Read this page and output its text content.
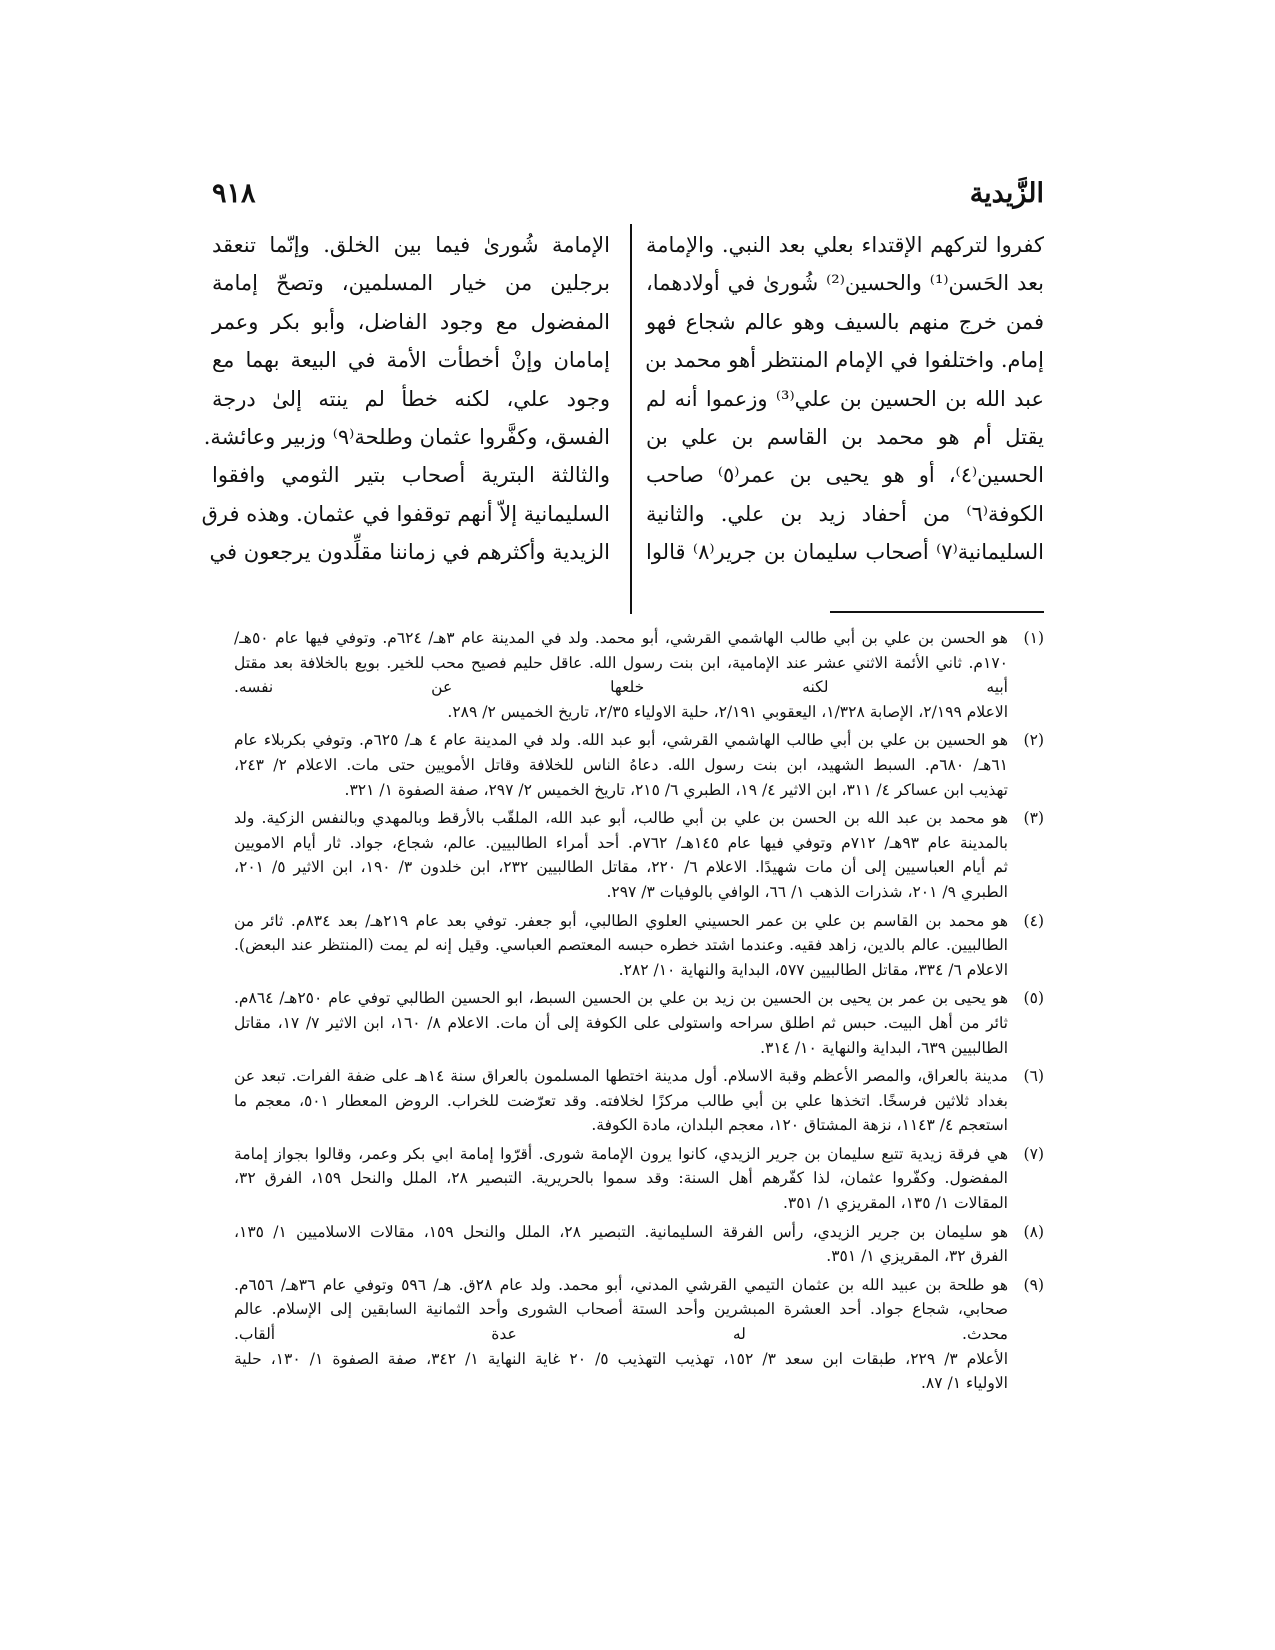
الزَّيدية
٩١٨

كفروا لتركهم الإقتداء بعلي بعد النبي. والإمامة

بعد الحَسن⁽¹⁾ والحسين⁽²⁾ شُورىٰ في أولادهما،

فمن خرج منهم بالسيف وهو عالم شجاع فهو

إمام. واختلفوا في الإمام المنتظر أهو محمد بن

عبد الله بن الحسين بن علي⁽³⁾ وزعموا أنه لم

يقتل أم هو محمد بن القاسم بن علي بن

الحسين⁽٤⁾، أو هو يحيى بن عمر⁽٥⁾ صاحب

الكوفة⁽٦⁾ من أحفاد زيد بن علي. والثانية

السليمانية⁽٧⁾ أصحاب سليمان بن جرير⁽٨⁾ قالوا

الإمامة شُورىٰ فيما بين الخلق. وإنّما تنعقد

برجلين من خيار المسلمين، وتصحّ إمامة

المفضول مع وجود الفاضل، وأبو بكر وعمر

إمامان وإنْ أخطأت الأمة في البيعة بهما مع

وجود علي، لكنه خطأ لم ينته إلىٰ درجة

الفسق، وكفَّروا عثمان وطلحة⁽٩⁾ وزبير وعائشة.

والثالثة البترية أصحاب بتير الثومي وافقوا

السليمانية إلاّ أنهم توقفوا في عثمان. وهذه فرق

الزيدية وأكثرهم في زماننا مقلِّدون يرجعون في

(١)

هو الحسن بن علي بن أبي طالب الهاشمي القرشي، أبو محمد. ولد في المدينة عام ٣هـ/ ٦٢٤م. وتوفي فيها عام ٥٠هـ/

١٧٠م. ثاني الأئمة الاثني عشر عند الإمامية، ابن بنت رسول الله. عاقل حليم فصيح محب للخير. بويع بالخلافة بعد مقتل

أبيه لكنه خلعها عن نفسه.

الاعلام ٢/١٩٩، الإصابة ١/٣٢٨، اليعقوبي ٢/١٩١، حلية الاولياء ٢/٣٥، تاريخ الخميس ٢/ ٢٨٩.

(٢)

هو الحسين بن علي بن أبي طالب الهاشمي القرشي، أبو عبد الله. ولد في المدينة عام ٤ هـ/ ٦٢٥م. وتوفي بكربلاء عام

٦١هـ/ ٦٨٠م. السبط الشهيد، ابن بنت رسول الله. دعاهُ الناس للخلافة وقاتل الأمويين حتى مات. الاعلام ٢/ ٢٤٣،

تهذيب ابن عساكر ٤/ ٣١١، ابن الاثير ٤/ ١٩، الطبري ٦/ ٢١٥، تاريخ الخميس ٢/ ٢٩٧، صفة الصفوة ١/ ٣٢١.

(٣)

هو محمد بن عبد الله بن الحسن بن علي بن أبي طالب، أبو عبد الله، الملقّب بالأرقط وبالمهدي وبالنفس الزكية. ولد

بالمدينة عام ٩٣هـ/ ٧١٢م وتوفي فيها عام ١٤٥هـ/ ٧٦٢م. أحد أمراء الطالبيين. عالم، شجاع، جواد. ثار أيام الامويين

ثم أيام العباسيين إلى أن مات شهيدًا. الاعلام ٦/ ٢٢٠، مقاتل الطالبيين ٢٣٢، ابن خلدون ٣/ ١٩٠، ابن الاثير ٥/ ٢٠١،

الطبري ٩/ ٢٠١، شذرات الذهب ١/ ٦٦، الوافي بالوفيات ٣/ ٢٩٧.

(٤)

هو محمد بن القاسم بن علي بن عمر الحسيني العلوي الطالبي، أبو جعفر. توفي بعد عام ٢١٩هـ/ بعد ٨٣٤م. ثائر من

الطالبيين. عالم بالدين، زاهد فقيه. وعندما اشتد خطره حبسه المعتصم العباسي. وقيل إنه لم يمت (المنتظر عند البعض).

الاعلام ٦/ ٣٣٤، مقاتل الطالبيين ٥٧٧، البداية والنهاية ١٠/ ٢٨٢.

(٥)

هو يحيى بن عمر بن يحيى بن الحسين بن زيد بن علي بن الحسين السبط، ابو الحسين الطالبي توفي عام ٢٥٠هـ/ ٨٦٤م.

ثائر من أهل البيت. حبس ثم اطلق سراحه واستولى على الكوفة إلى أن مات. الاعلام ٨/ ١٦٠، ابن الاثير ٧/ ١٧، مقاتل

الطالبيين ٦٣٩، البداية والنهاية ١٠/ ٣١٤.

(٦)

مدينة بالعراق، والمصر الأعظم وقبة الاسلام. أول مدينة اختطها المسلمون بالعراق سنة ١٤هـ على ضفة الفرات. تبعد عن

بغداد ثلاثين فرسخًا. اتخذها علي بن أبي طالب مركزًا لخلافته. وقد تعرّضت للخراب. الروض المعطار ٥٠١، معجم ما

استعجم ٤/ ١١٤٣، نزهة المشتاق ١٢٠، معجم البلدان، مادة الكوفة.

(٧)

هي فرقة زيدية تتبع سليمان بن جرير الزيدي، كانوا يرون الإمامة شورى. أقرّوا إمامة ابي بكر وعمر، وقالوا بجواز إمامة

المفضول. وكفّروا عثمان، لذا كفّرهم أهل السنة: وقد سموا بالحريرية. التبصير ٢٨، الملل والنحل ١٥٩، الفرق ٣٢،

المقالات ١/ ١٣٥، المقريزي ١/ ٣٥١.

(٨)

هو سليمان بن جرير الزيدي، رأس الفرقة السليمانية. التبصير ٢٨، الملل والنحل ١٥٩، مقالات الاسلاميين ١/ ١٣٥،

الفرق ٣٢، المقريزي ١/ ٣٥١.

(٩)

هو طلحة بن عبيد الله بن عثمان التيمي القرشي المدني، أبو محمد. ولد عام ٢٨ق. هـ/ ٥٩٦ وتوفي عام ٣٦هـ/ ٦٥٦م.

صحابي، شجاع جواد. أحد العشرة المبشرين وأحد الستة أصحاب الشورى وأحد الثمانية السابقين إلى الإسلام. عالم

محدث. له عدة ألقاب.

الأعلام ٣/ ٢٢٩، طبقات ابن سعد ٣/ ١٥٢، تهذيب التهذيب ٥/ ٢٠ غاية النهاية ١/ ٣٤٢، صفة الصفوة ١/ ١٣٠، حلية

الاولياء ١/ ٨٧.
